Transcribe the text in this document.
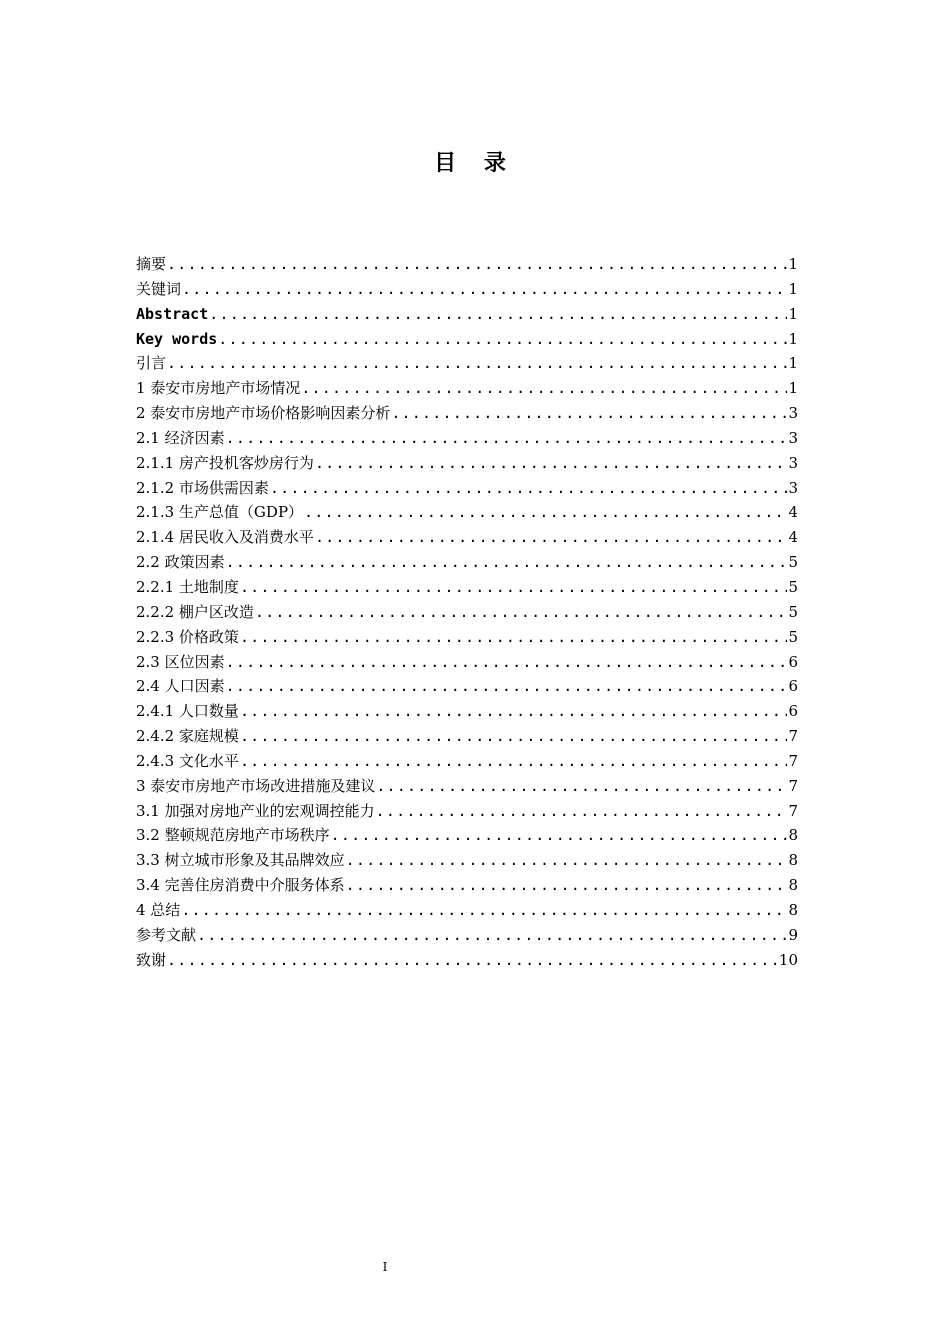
目 录
摘要 .....	1
关键词 .....	1
Abstract .....	1
Key words .....	1
引言 .....	1
1 泰安市房地产市场情况 .....	1
2 泰安市房地产市场价格影响因素分析 .....	3
2.1 经济因素 .....	3
2.1.1 房产投机客炒房行为 .....	3
2.1.2 市场供需因素 .....	3
2.1.3 生产总值（GDP） .....	4
2.1.4 居民收入及消费水平 .....	4
2.2 政策因素 .....	5
2.2.1 土地制度 .....	5
2.2.2 棚户区改造 .....	5
2.2.3 价格政策 .....	5
2.3 区位因素 .....	6
2.4 人口因素 .....	6
2.4.1 人口数量 .....	6
2.4.2 家庭规模 .....	7
2.4.3 文化水平 .....	7
3 泰安市房地产市场改进措施及建议 .....	7
3.1 加强对房地产业的宏观调控能力 .....	7
3.2 整顿规范房地产市场秩序 .....	8
3.3 树立城市形象及其品牌效应 .....	8
3.4 完善住房消费中介服务体系 .....	8
4 总结 .....	8
参考文献 .....	9
致谢 .....	10
I
